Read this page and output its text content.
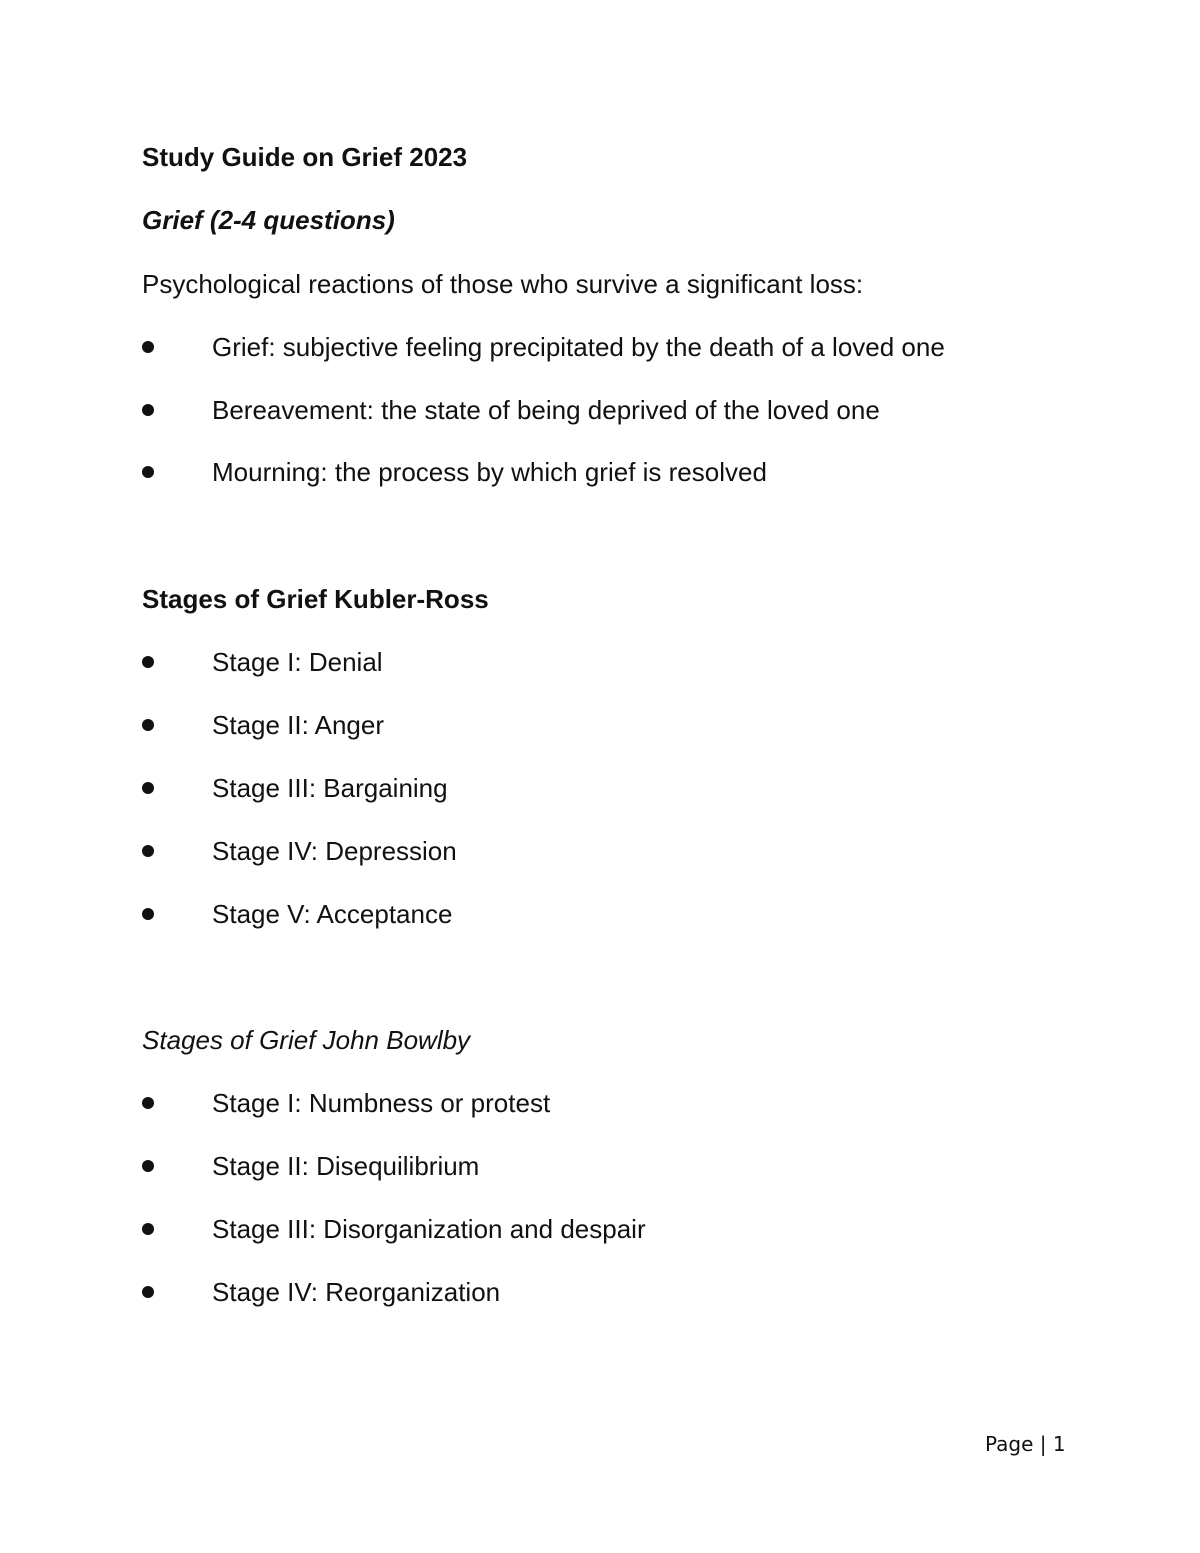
Study Guide on Grief 2023
Grief (2-4 questions)
Psychological reactions of those who survive a significant loss:
Grief: subjective feeling precipitated by the death of a loved one
Bereavement: the state of being deprived of the loved one
Mourning: the process by which grief is resolved
Stages of Grief Kubler-Ross
Stage I: Denial
Stage II: Anger
Stage III: Bargaining
Stage IV: Depression
Stage V: Acceptance
Stages of Grief John Bowlby
Stage I: Numbness or protest
Stage II: Disequilibrium
Stage III: Disorganization and despair
Stage IV: Reorganization
Page | 1
